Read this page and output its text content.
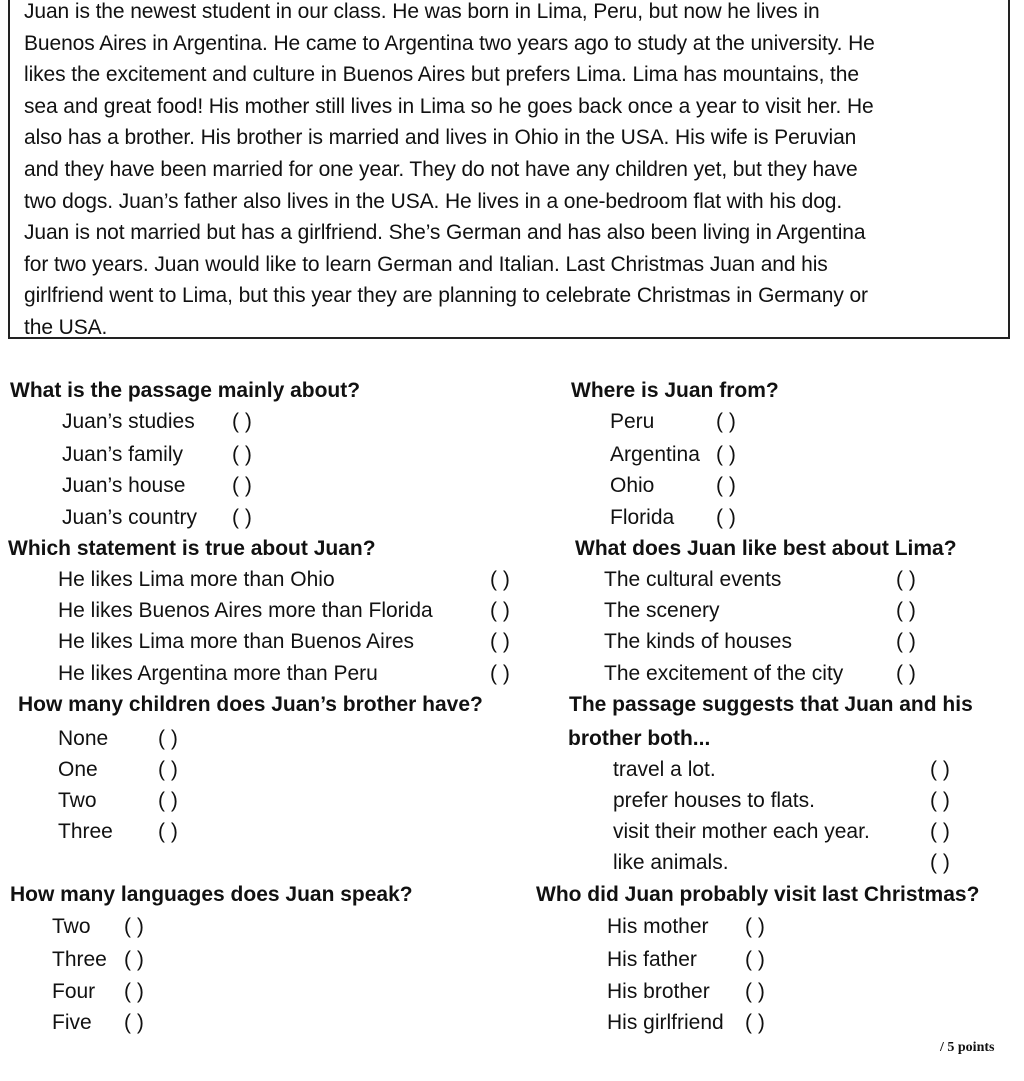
Juan is the newest student in our class. He was born in Lima, Peru, but now he lives in
Buenos Aires in Argentina. He came to Argentina two years ago to study at the university. He
likes the excitement and culture in Buenos Aires but prefers Lima. Lima has mountains, the
sea and great food! His mother still lives in Lima so he goes back once a year to visit her. He
also has a brother. His brother is married and lives in Ohio in the USA. His wife is Peruvian
and they have been married for one year. They do not have any children yet, but they have
two dogs. Juan’s father also lives in the USA. He lives in a one-bedroom flat with his dog.
Juan is not married but has a girlfriend. She’s German and has also been living in Argentina
for two years. Juan would like to learn German and Italian. Last Christmas Juan and his
girlfriend went to Lima, but this year they are planning to celebrate Christmas in Germany or
the USA.

What is the passage mainly about?
Juan’s studies ( )
Juan’s family ( )
Juan’s house ( )
Juan’s country ( )
Where is Juan from?
Peru	( )
Argentina ( )
Ohio	( )
Florida ( )
Which statement is true about Juan?
He likes Lima more than Ohio	( )
He likes Buenos Aires more than Florida	( )
He likes Lima more than Buenos Aires	( )
He likes Argentina more than Peru	( )
What does Juan like best about Lima?
The cultural events	( )
The scenery	( )
The kinds of houses	( )
The excitement of the city	( )
How many children does Juan’s brother have?
None ( )
One	( )
Two	( )
Three ( )
The passage suggests that Juan and his
brother both...
travel a lot.	( )
prefer houses to flats.	( )
visit their mother each year.	( )
like animals.	( )
How many languages does Juan speak?
Two ( )
Three ( )
Four ( )
Five ( )
Who did Juan probably visit last Christmas?
His mother ( )
His father ( )
His brother ( )
His girlfriend ( )
/ 5 points
